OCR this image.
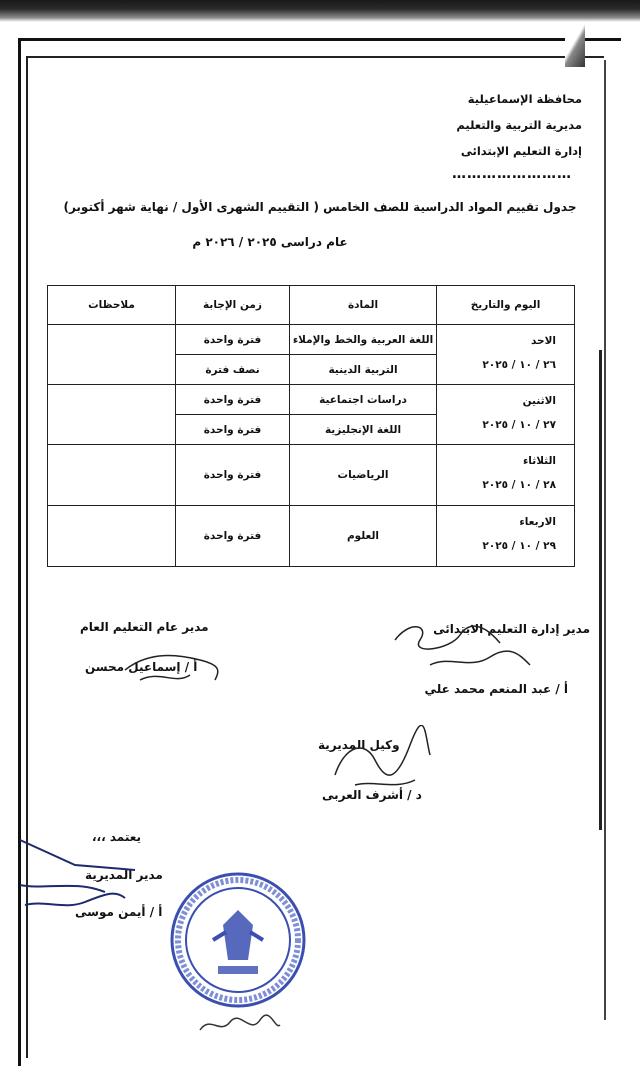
محافظة الإسماعيلية
مديرية التربية والتعليم
إدارة التعليم الإبتدائى
……………………
جدول تقييم المواد الدراسية للصف الخامس ( التقييم الشهرى الأول / نهاية شهر أكتوبر)
عام دراسى ٢٠٢٥ / ٢٠٢٦ م
اليوم والتاريخ	المادة	زمن الإجابة	ملاحظات

الاحد
٢٦ / ١٠ / ٢٠٢٥	اللغة العربية والخط والإملاء	فترة واحدة	
	التربية الدينية	نصف فترة	

الاثنين
٢٧ / ١٠ / ٢٠٢٥	دراسات اجتماعية	فترة واحدة	
	اللغة الإنجليزية	فترة واحدة	

الثلاثاء
٢٨ / ١٠ / ٢٠٢٥	الرياضيات	فترة واحدة	

الاربعاء
٢٩ / ١٠ / ٢٠٢٥	العلوم	فترة واحدة	
مدير إدارة التعليم الابتدائى
أ / عبد المنعم محمد علي
مدير عام التعليم العام
أ / إسماعيل محسن
وكيل المديرية
د / أشرف العربى
يعتمد ،،،
مدير المديرية
أ / أيمن موسى
